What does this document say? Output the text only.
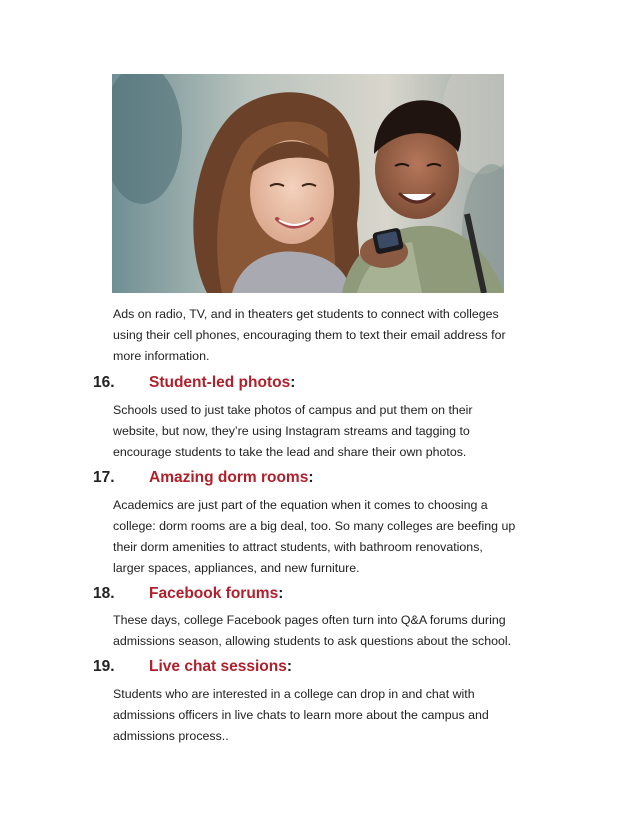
Ads on radio, TV, and in theaters get students to connect with colleges
using their cell phones, encouraging them to text their email address for
more information.

16. Student-led photos:

Schools used to just take photos of campus and put them on their
website, but now, they’re using Instagram streams and tagging to
encourage students to take the lead and share their own photos.

17. Amazing dorm rooms:

Academics are just part of the equation when it comes to choosing a
college: dorm rooms are a big deal, too. So many colleges are beefing up
their dorm amenities to attract students, with bathroom renovations,
larger spaces, appliances, and new furniture.

18. Facebook forums:

These days, college Facebook pages often turn into Q&A forums during
admissions season, allowing students to ask questions about the school.

19. Live chat sessions:

Students who are interested in a college can drop in and chat with
admissions officers in live chats to learn more about the campus and
admissions process..
